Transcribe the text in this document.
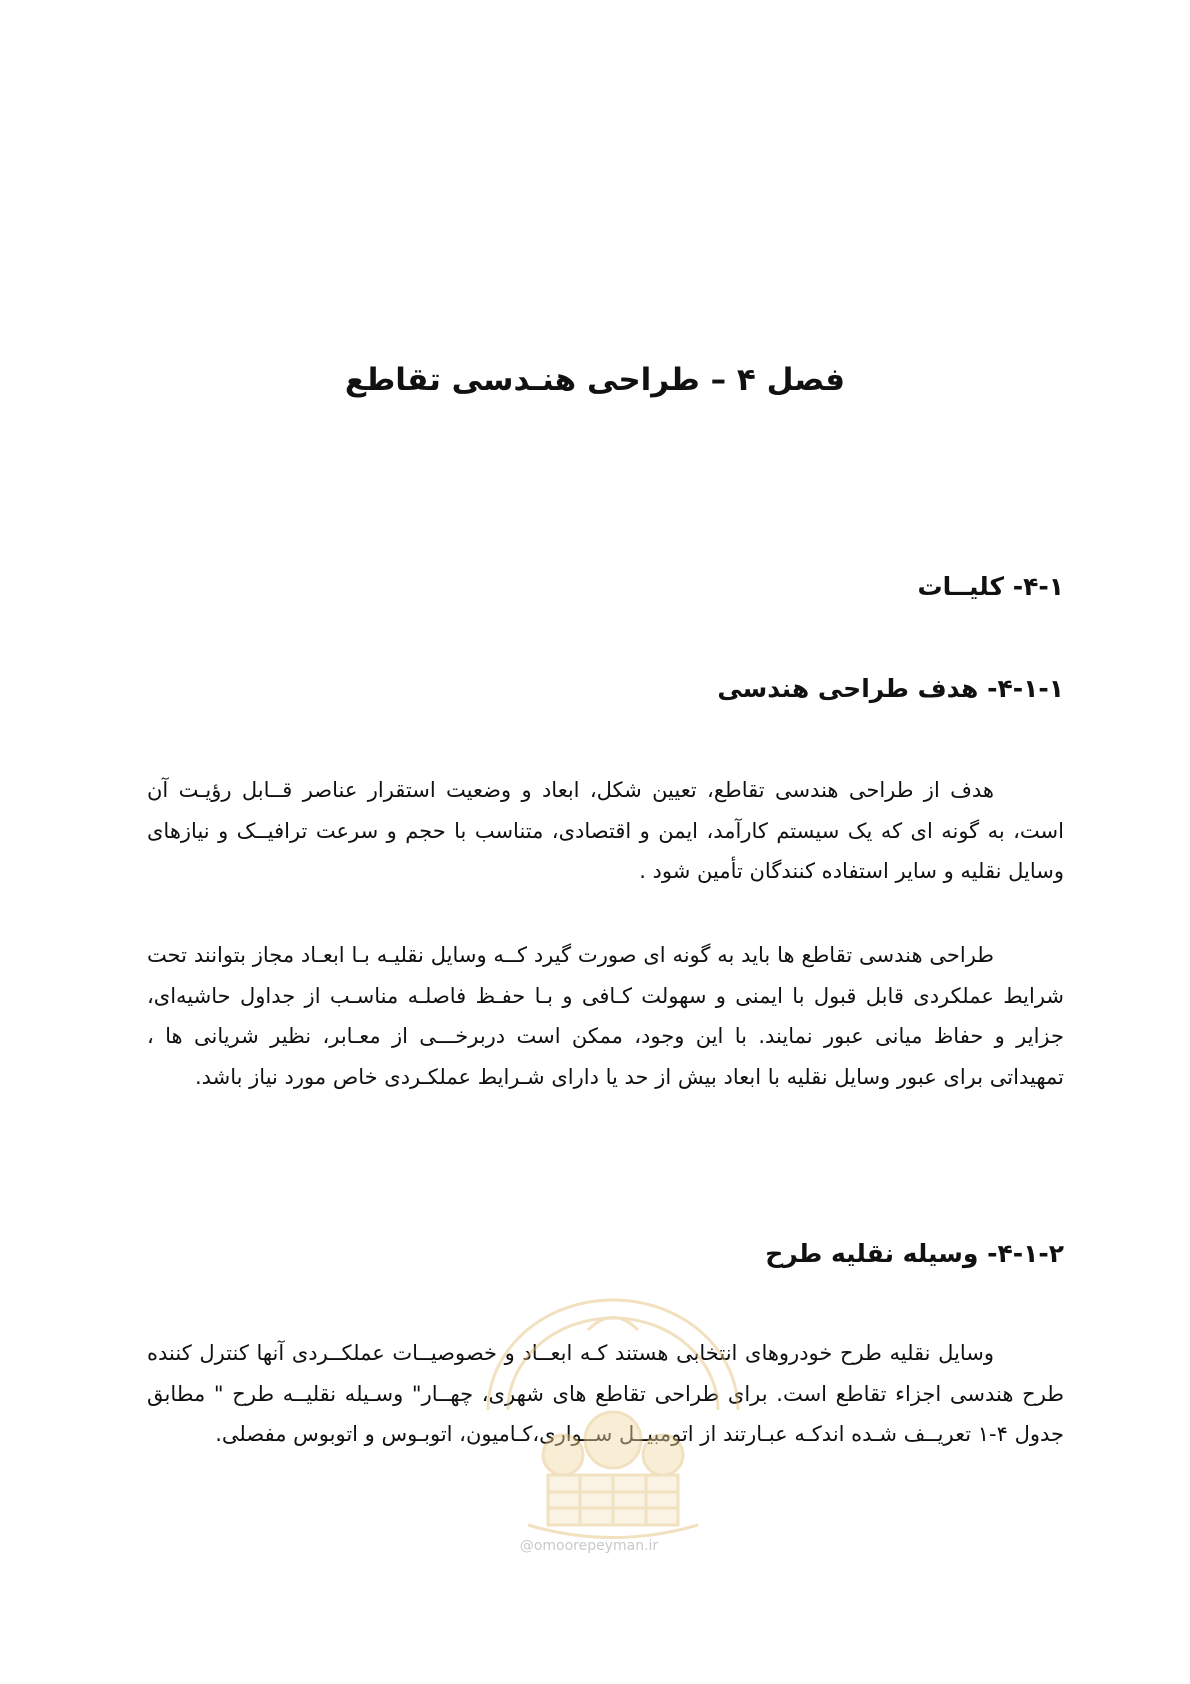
فصل ۴ – طراحی هنـدسی تقاطع
۴-۱- کلیــات
۴-۱-۱- هدف طراحی هندسی

هدف از طراحی هندسی تقاطع، تعیین شکل، ابعاد و وضعیت استقرار عناصر قــابل رؤیـت آن است، به گونه ای که یک سیستم کارآمد، ایمن و اقتصادی، متناسب با حجم و سرعت ترافیــک و نیازهای وسایل نقلیه و سایر استفاده کنندگان تأمین شود .

طراحی هندسی تقاطع ها باید به گونه ای صورت گیرد کــه وسایل نقلیـه بـا ابعـاد مجاز بتوانند تحت شرایط عملکردی قابل قبول با ایمنی و سهولت کـافی و بـا حفـظ فاصلـه مناسـب از جداول حاشیه‌ای، جزایر و حفاظ میانی عبور نمایند. با این وجود، ممکن است دربرخـــی از معـابر، نظیر شریانی ها ، تمهیداتی برای عبور وسایل نقلیه با ابعاد بیش از حد یا دارای شـرایط عملکـردی خاص مورد نیاز باشد.

۴-۱-۲- وسیله نقلیه طرح

وسایل نقلیه طرح خودروهای انتخابی هستند کـه ابعــاد و خصوصیــات عملکــردی آنها کنترل کننده طرح هندسی اجزاء تقاطع است. برای طراحی تقاطع های شهری، چهــار" وسـیله نقلیــه طرح " مطابق جدول ۴-۱ تعریــف شـده اندکـه عبـارتند از اتومبیــل ســواری،کـامیون، اتوبـوس و اتوبوس مفصلی.

@omoorepeyman.ir
